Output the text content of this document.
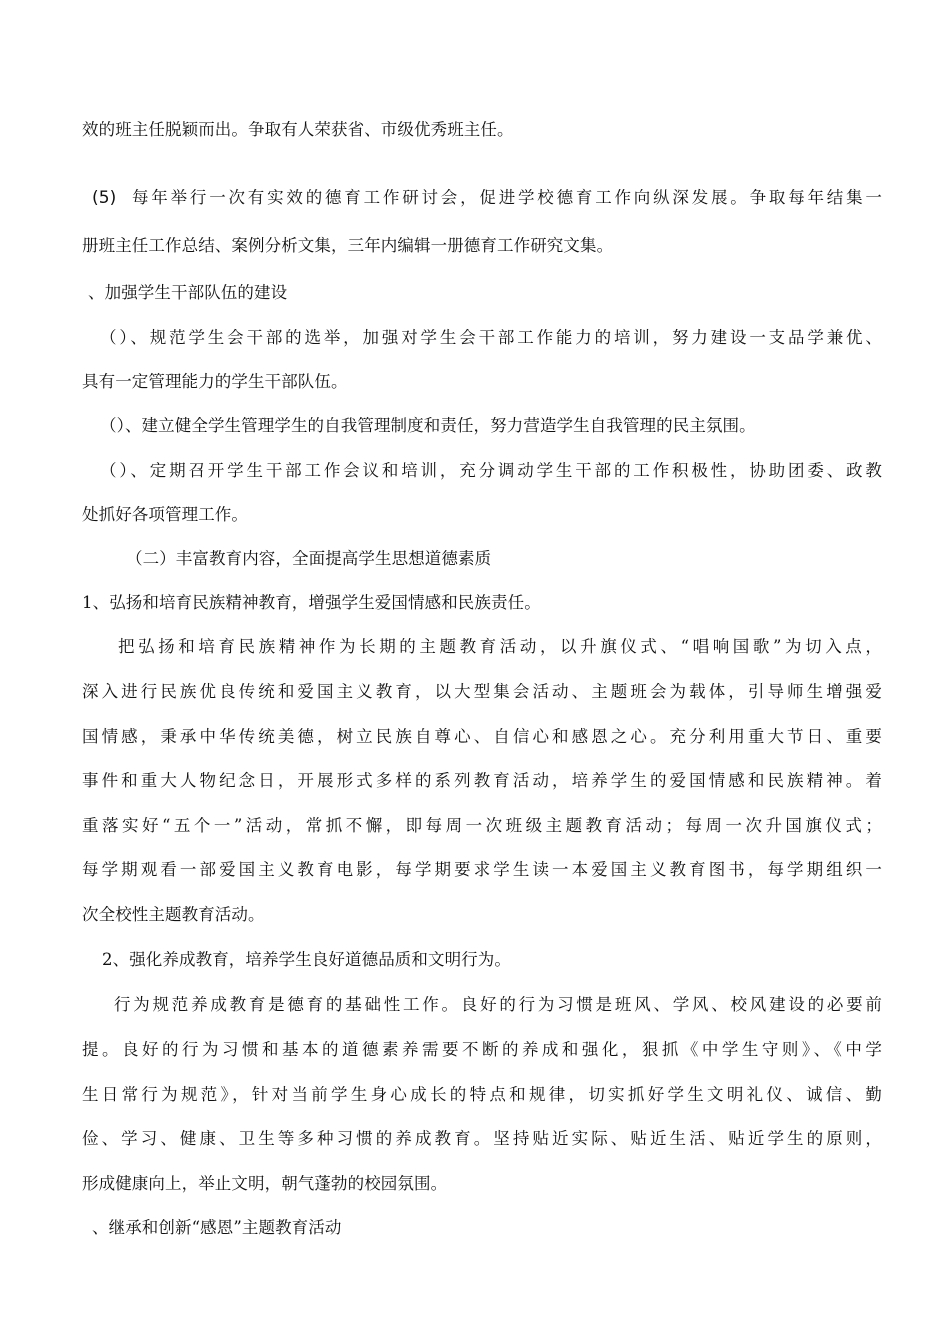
效的班主任脱颖而出。争取有人荣获省、市级优秀班主任。
(5) 每年举行一次有实效的德育工作研讨会，促进学校德育工作向纵深发展。争取每年结集一
册班主任工作总结、案例分析文集，三年内编辑一册德育工作研究文集。
、加强学生干部队伍的建设
（）、规范学生会干部的选举，加强对学生会干部工作能力的培训，努力建设一支品学兼优、
具有一定管理能力的学生干部队伍。
（）、建立健全学生管理学生的自我管理制度和责任，努力营造学生自我管理的民主氛围。
（）、定期召开学生干部工作会议和培训，充分调动学生干部的工作积极性，协助团委、政教
处抓好各项管理工作。
（二）丰富教育内容，全面提高学生思想道德素质
1、弘扬和培育民族精神教育，增强学生爱国情感和民族责任。
把弘扬和培育民族精神作为长期的主题教育活动，以升旗仪式、“唱响国歌”为切入点，
深入进行民族优良传统和爱国主义教育，以大型集会活动、主题班会为载体，引导师生增强爱
国情感，秉承中华传统美德，树立民族自尊心、自信心和感恩之心。充分利用重大节日、重要
事件和重大人物纪念日，开展形式多样的系列教育活动，培养学生的爱国情感和民族精神。着
重落实好“五个一”活动，常抓不懈，即每周一次班级主题教育活动；每周一次升国旗仪式；
每学期观看一部爱国主义教育电影，每学期要求学生读一本爱国主义教育图书，每学期组织一
次全校性主题教育活动。
2、强化养成教育，培养学生良好道德品质和文明行为。
行为规范养成教育是德育的基础性工作。良好的行为习惯是班风、学风、校风建设的必要前
提。良好的行为习惯和基本的道德素养需要不断的养成和强化，狠抓《中学生守则》、《中学
生日常行为规范》，针对当前学生身心成长的特点和规律，切实抓好学生文明礼仪、诚信、勤
俭、学习、健康、卫生等多种习惯的养成教育。坚持贴近实际、贴近生活、贴近学生的原则，
形成健康向上，举止文明，朝气蓬勃的校园氛围。
、继承和创新“感恩”主题教育活动
